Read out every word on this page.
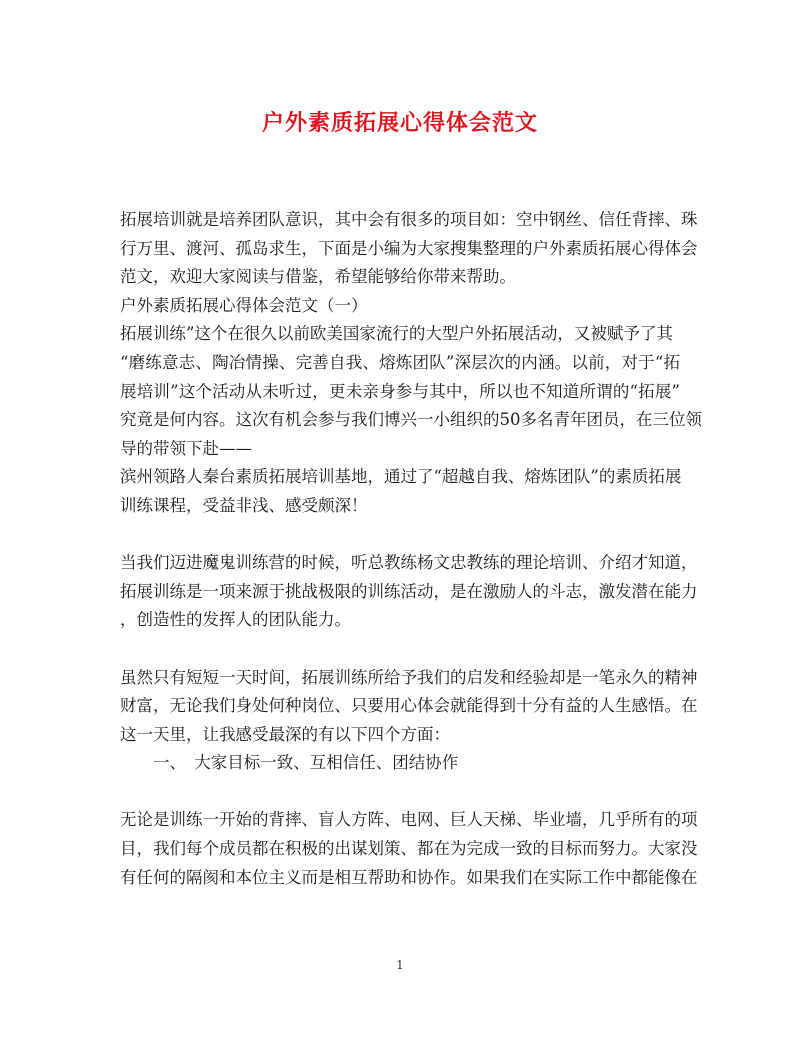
户外素质拓展心得体会范文
拓展培训就是培养团队意识，其中会有很多的项目如：空中钢丝、信任背摔、珠
行万里、渡河、孤岛求生，下面是小编为大家搜集整理的户外素质拓展心得体会
范文，欢迎大家阅读与借鉴，希望能够给你带来帮助。
户外素质拓展心得体会范文（一）
拓展训练”这个在很久以前欧美国家流行的大型户外拓展活动，又被赋予了其
“磨练意志、陶冶情操、完善自我、熔炼团队”深层次的内涵。以前，对于“拓
展培训”这个活动从未听过，更未亲身参与其中，所以也不知道所谓的“拓展”
究竟是何内容。这次有机会参与我们博兴一小组织的50多名青年团员，在三位领
导的带领下赴——
滨州领路人秦台素质拓展培训基地，通过了“超越自我、熔炼团队”的素质拓展
训练课程，受益非浅、感受颇深！
当我们迈进魔鬼训练营的时候，听总教练杨文忠教练的理论培训、介绍才知道，
拓展训练是一项来源于挑战极限的训练活动，是在激励人的斗志，激发潜在能力
，创造性的发挥人的团队能力。
虽然只有短短一天时间，拓展训练所给予我们的启发和经验却是一笔永久的精神
财富，无论我们身处何种岗位、只要用心体会就能得到十分有益的人生感悟。在
这一天里，让我感受最深的有以下四个方面：
　　一、　大家目标一致、互相信任、团结协作
无论是训练一开始的背摔、盲人方阵、电网、巨人天梯、毕业墙，几乎所有的项
目，我们每个成员都在积极的出谋划策、都在为完成一致的目标而努力。大家没
有任何的隔阂和本位主义而是相互帮助和协作。如果我们在实际工作中都能像在
1
